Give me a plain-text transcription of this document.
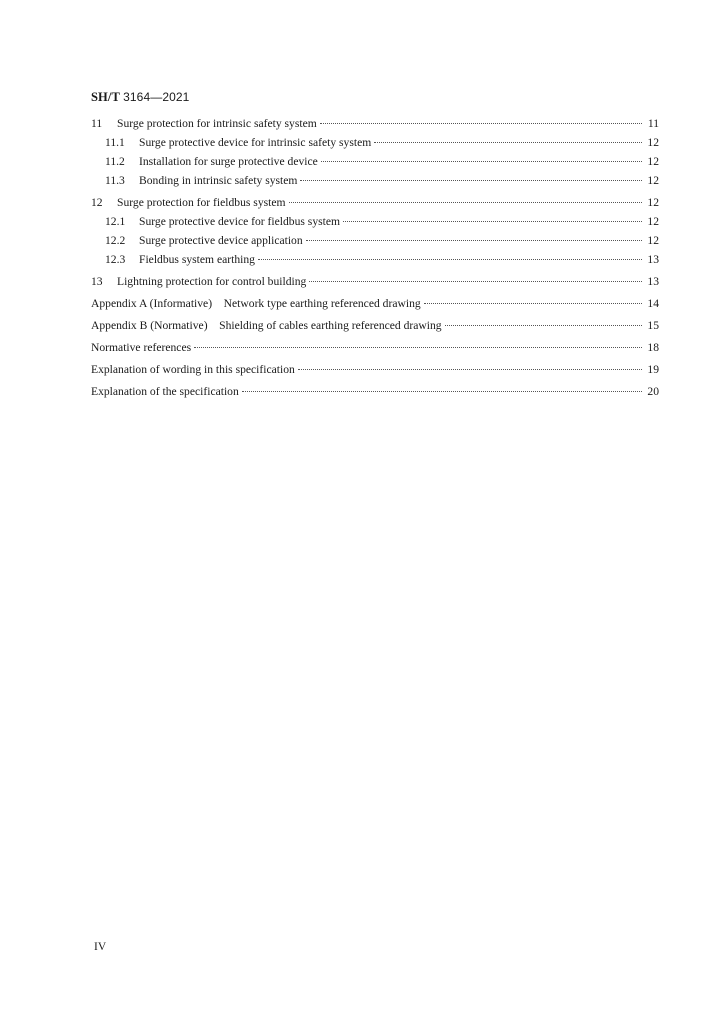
SH/T 3164—2021
11	Surge protection for intrinsic safety system	11
11.1	Surge protective device for intrinsic safety system	12
11.2	Installation for surge protective device	12
11.3	Bonding in intrinsic safety system	12
12	Surge protection for fieldbus system	12
12.1	Surge protective device for fieldbus system	12
12.2	Surge protective device application	12
12.3	Fieldbus system earthing	13
13	Lightning protection for control building	13
Appendix A (Informative)    Network type earthing referenced drawing	14
Appendix B (Normative)    Shielding of cables earthing referenced drawing	15
Normative references	18
Explanation of wording in this specification	19
Explanation of the specification	20
IV
